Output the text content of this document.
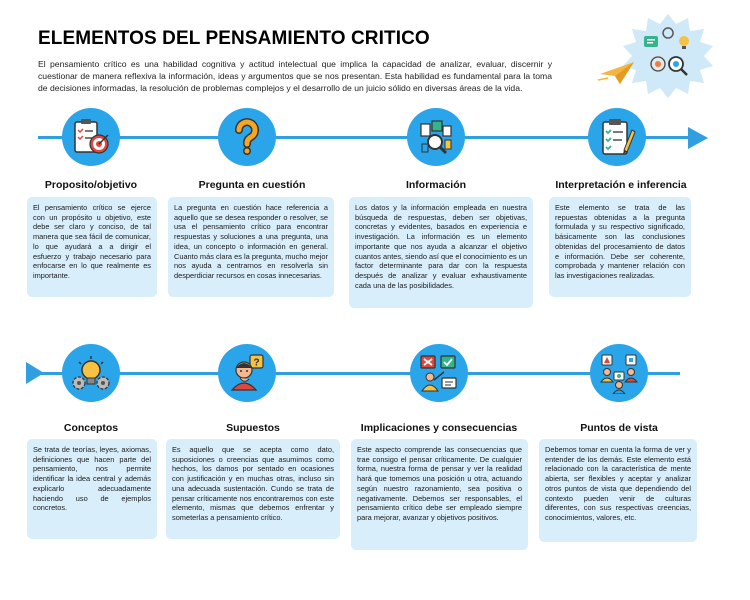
ELEMENTOS DEL PENSAMIENTO CRITICO
El pensamiento crítico es una habilidad cognitiva y actitud intelectual que implica la capacidad de analizar, evaluar, discernir y cuestionar de manera reflexiva la información, ideas y argumentos que se nos presentan. Esta habilidad es fundamental para la toma de decisiones informadas, la resolución de problemas complejos y el desarrollo de un juicio sólido en diversas áreas de la vida.
Proposito/objetivo
El pensamiento crítico se ejerce con un propósito u objetivo, este debe ser claro y conciso, de tal manera que sea fácil de comunicar, lo que ayudará a a dirigir el esfuerzo y trabajo necesario para enfocarse en lo que realmente es importante.
Pregunta en cuestión
La pregunta en cuestión hace referencia a aquello que se desea responder o resolver, se usa el pensamiento crítico para encontrar respuestas y soluciones a una pregunta, una idea, un concepto o información en general. Cuanto más clara es la pregunta, mucho mejor nos ayuda a centrarnos en resolverla sin desperdiciar recursos en cosas innecesarias.
Información
Los datos y la información empleada en nuestra búsqueda de respuestas, deben ser objetivas, concretas y evidentes, basados en experiencia e investigación. La información es un elemento importante que nos ayuda a alcanzar el objetivo cuantos antes, siendo así que el conocimiento es un factor determinante para dar con la respuesta después de analizar y evaluar exhaustivamente cada una de las posibilidades.
Interpretación e inferencia
Este elemento se trata de las repuestas obtenidas a la pregunta formulada y su respectivo significado, básicamente son las conclusiones obtenidas del procesamiento de datos e información. Debe ser coherente, comprobada y mantener relación con las investigaciones realizadas.
Conceptos
Se trata de teorías, leyes, axiomas, definiciones que hacen parte del pensamiento, nos permite identificar la idea central y además explicarlo adecuadamente haciendo uso de ejemplos concretos.
?
Supuestos
Es aquello que se acepta como dato, suposiciones o creencias que asumimos como hechos, los damos por sentado en ocasiones con justificación y en muchas otras, incluso sin una adecuada sustentación. Cundo se trata de pensar críticamente nos encontraremos con este elemento, mismas que debemos enfrentar y someterlas a pensamiento crítico.
Implicaciones y consecuencias
Este aspecto comprende las consecuencias que trae consigo el pensar críticamente. De cualquier forma, nuestra forma de pensar y ver la realidad hará que tomemos una posición u otra, actuando según nuestro razonamiento, sea positiva o negativamente. Debemos ser responsables, el pensamiento crítico debe ser empleado siempre para mejorar, avanzar y objetivos positivos.
Puntos de vista
Debemos tomar en cuenta la forma de ver y entender de los demás. Este elemento está relacionado con la característica de mente abierta, ser flexibles y aceptar y analizar otros puntos de vista que dependiendo del contexto pueden venir de culturas diferentes, con sus respectivas creencias, conocimientos, valores, etc.
